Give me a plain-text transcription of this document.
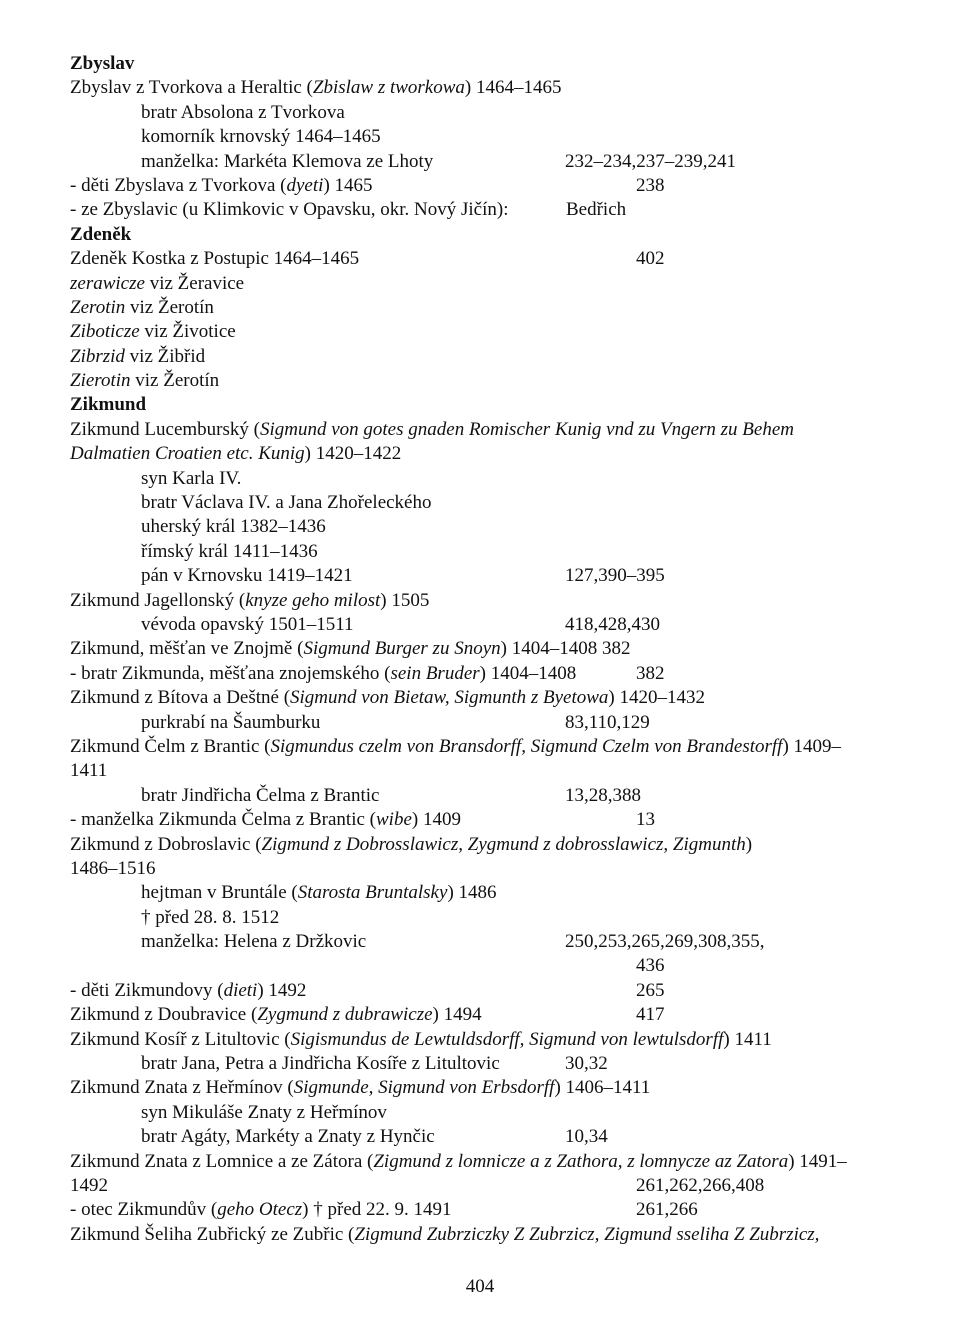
Zbyslav
Zbyslav z Tvorkova a Heraltic (Zbislaw z tworkowa) 1464–1465
bratr Absolona z Tvorkova
komorník krnovský 1464–1465
manželka: Markéta Klemova ze Lhoty	232–234,237–239,241
- děti Zbyslava z Tvorkova (dyeti) 1465	238
- ze Zbyslavic (u Klimkovic v Opavsku, okr. Nový Jičín):	Bedřich
Zdeněk
Zdeněk Kostka z Postupic 1464–1465	402
zerawicze viz Žeravice
Zerotin viz Žerotín
Ziboticze viz Životice
Zibrzid viz Žibřid
Zierotin viz Žerotín
Zikmund
Zikmund Lucemburský (Sigmund von gotes gnaden Romischer Kunig vnd zu Vngern zu Behem
Dalmatien Croatien etc. Kunig) 1420–1422
syn Karla IV.
bratr Václava IV. a Jana Zhořeleckého
uherský král 1382–1436
římský král 1411–1436
pán v Krnovsku 1419–1421	127,390–395
Zikmund Jagellonský (knyze geho milost) 1505
vévoda opavský 1501–1511	418,428,430
Zikmund, měšťan ve Znojmě (Sigmund Burger zu Snoyn) 1404–1408 382
- bratr Zikmunda, měšťana znojemského (sein Bruder) 1404–1408	382
Zikmund z Bítova a Deštné (Sigmund von Bietaw, Sigmunth z Byetowa) 1420–1432
purkrabí na Šaumburku	83,110,129
Zikmund Čelm z Brantic (Sigmundus czelm von Bransdorff, Sigmund Czelm von Brandestorff) 1409–
1411
bratr Jindřicha Čelma z Brantic	13,28,388
- manželka Zikmunda Čelma z Brantic (wibe) 1409	13
Zikmund z Dobroslavic (Zigmund z Dobrosslawicz, Zygmund z dobrosslawicz, Zigmunth)
1486–1516
hejtman v Bruntále (Starosta Bruntalsky) 1486
† před 28. 8. 1512
manželka: Helena z Držkovic	250,253,265,269,308,355,
436
- děti Zikmundovy (dieti) 1492	265
Zikmund z Doubravice (Zygmund z dubrawicze) 1494	417
Zikmund Kosíř z Litultovic (Sigismundus de Lewtuldsdorff, Sigmund von lewtulsdorff) 1411
bratr Jana, Petra a Jindřicha Kosíře z Litultovic	30,32
Zikmund Znata z Heřmínov (Sigmunde, Sigmund von Erbsdorff) 1406–1411
syn Mikuláše Znaty z Heřmínov
bratr Agáty, Markéty a Znaty z Hynčic	10,34
Zikmund Znata z Lomnice a ze Zátora (Zigmund z lomnicze a z Zathora, z lomnycze az Zatora) 1491–
1492	261,262,266,408
- otec Zikmundův (geho Otecz) † před 22. 9. 1491	261,266
Zikmund Šeliha Zubřický ze Zubřic (Zigmund Zubrziczky Z Zubrzicz, Zigmund sseliha Z Zubrzicz,
404
